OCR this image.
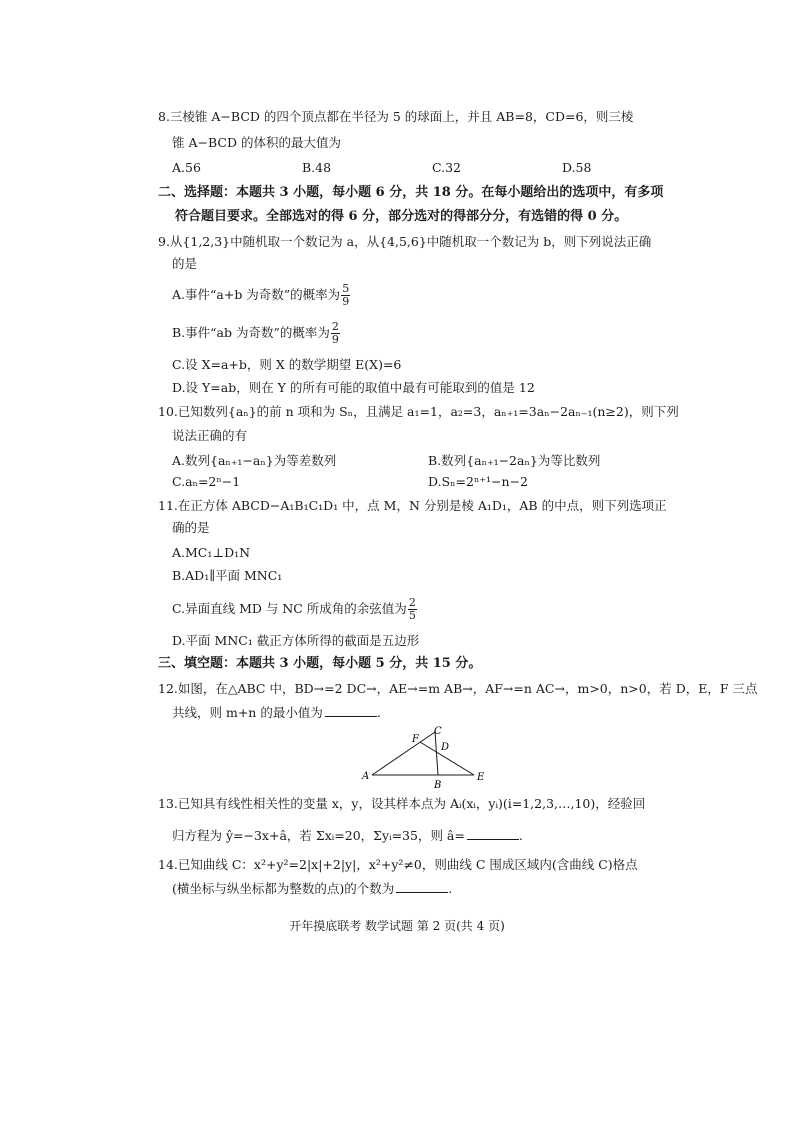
8.三棱锥 A−BCD 的四个顶点都在半径为 5 的球面上，并且 AB=8，CD=6，则三棱
锥 A−BCD 的体积的最大值为
A.56	B.48	C.32	D.58
二、选择题：本题共 3 小题，每小题 6 分，共 18 分。在每小题给出的选项中，有多项
符合题目要求。全部选对的得 6 分，部分选对的得部分分，有选错的得 0 分。
9.从{1,2,3}中随机取一个数记为 a，从{4,5,6}中随机取一个数记为 b，则下列说法正确
的是
A.事件“a+b 为奇数”的概率为 $\frac{5}{9}$
B.事件“ab 为奇数”的概率为 $\frac{2}{9}$
C.设 X=a+b，则 X 的数学期望 E(X)=6
D.设 Y=ab，则在 Y 的所有可能的取值中最有可能取到的值是 12
10.已知数列{aₙ}的前 n 项和为 Sₙ，且满足 a₁=1，a₂=3，aₙ₊₁=3aₙ−2aₙ₋₁(n≥2)，则下列
说法正确的有
A.数列{aₙ₊₁−aₙ}为等差数列	B.数列{aₙ₊₁−2aₙ}为等比数列
C.aₙ=2ⁿ−1	D.Sₙ=2ⁿ⁺¹−n−2
11.在正方体 ABCD−A₁B₁C₁D₁ 中，点 M，N 分别是棱 A₁D₁，AB 的中点，则下列选项正
确的是
A.MC₁⊥D₁N
B.AD₁∥平面 MNC₁
C.异面直线 MD 与 NC 所成角的余弦值为 $\frac{2}{5}$
D.平面 MNC₁ 截正方体所得的截面是五边形
三、填空题：本题共 3 小题，每小题 5 分，共 15 分。
12.如图，在△ABC 中，BD→=2 DC→，AE→=m AB→，AF→=n AC→，m>0，n>0，若 D，E，F 三点
共线，则 m+n 的最小值为	.
A
B
C
D
E
F
13.已知具有线性相关性的变量 x，y，设其样本点为 Aᵢ(xᵢ，yᵢ)(i=1,2,3,…,10)，经验回
归方程为 ŷ=−3x+â，若 Σxᵢ=20，Σyᵢ=35，则 â=	.
14.已知曲线 C：x²+y²=2|x|+2|y|，x²+y²≠0，则曲线 C 围成区域内(含曲线 C)格点
(横坐标与纵坐标都为整数的点)的个数为	.
开年摸底联考 数学试题 第 2 页(共 4 页)
